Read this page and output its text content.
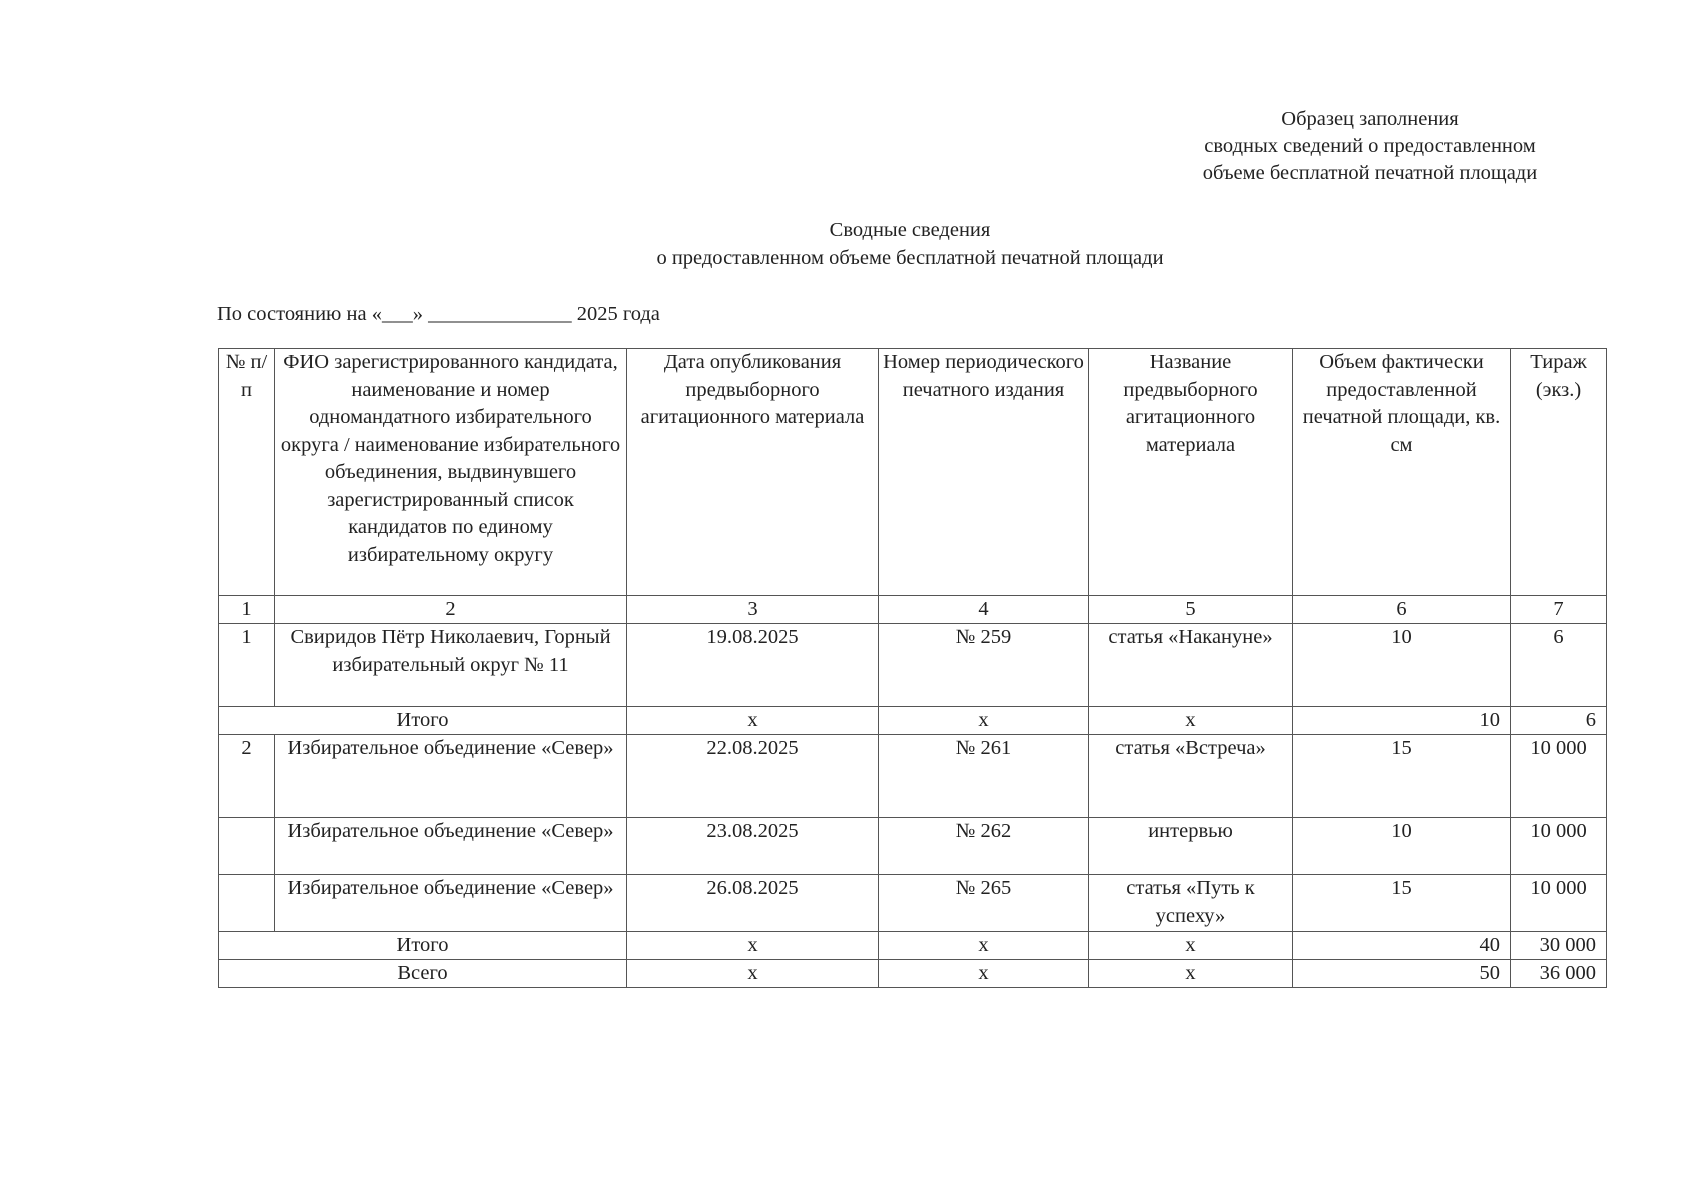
Образец заполнения
сводных сведений о предоставленном
объеме бесплатной печатной площади
Сводные сведения
о предоставленном объеме бесплатной печатной площади
По состоянию на «___» ______________ 2025 года
№ п/п	ФИО зарегистрированного кандидата, наименование и номер одномандатного избирательного округа / наименование избирательного объединения, выдвинувшего зарегистрированный список кандидатов по единому избирательному округу	Дата опубликования предвыборного агитационного материала	Номер периодического печатного издания	Название предвыборного агитационного материала	Объем фактически предоставленной печатной площади, кв. см	Тираж (экз.)
1	2	3	4	5	6	7
1	Свиридов Пётр Николаевич, Горный избирательный округ № 11	19.08.2025	№ 259	статья «Накануне»	10	6
Итого		х	х	х	10	6
2	Избирательное объединение «Север»	22.08.2025	№ 261	статья «Встреча»	15	10 000
	Избирательное объединение «Север»	23.08.2025	№ 262	интервью	10	10 000
	Избирательное объединение «Север»	26.08.2025	№ 265	статья «Путь к успеху»	15	10 000
Итого		х	х	х	40	30 000
Всего		х	х	х	50	36 000
